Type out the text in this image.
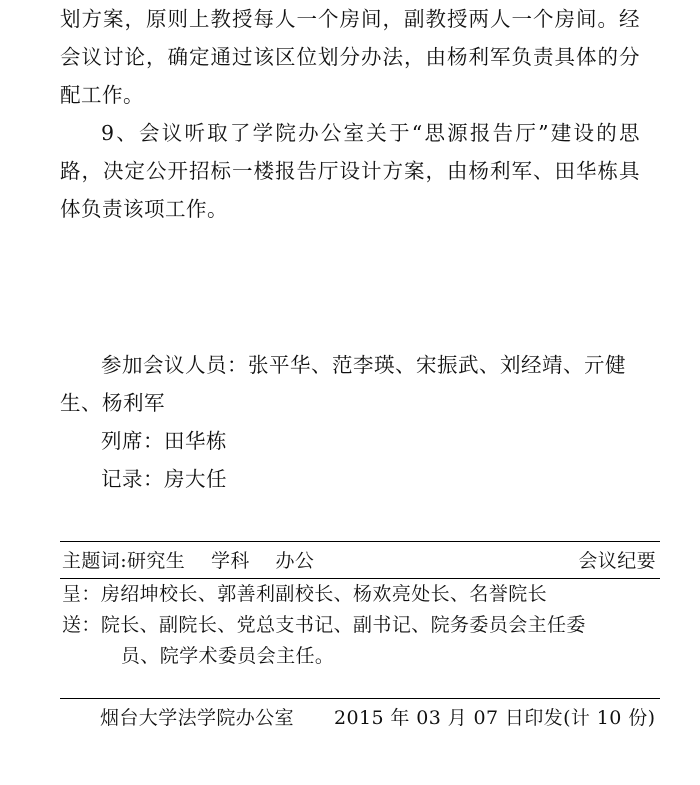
划方案，原则上教授每人一个房间，副教授两人一个房间。经会议讨论，确定通过该区位划分办法，由杨利军负责具体的分配工作。

9、会议听取了学院办公室关于“思源报告厅”建设的思路，决定公开招标一楼报告厅设计方案，由杨利军、田华栋具体负责该项工作。

参加会议人员：张平华、范李瑛、宋振武、刘经靖、亓健

生、杨利军

列席：田华栋

记录：房大任

主题词:研究生    学科    办公	会议纪要
呈：房绍坤校长、郭善利副校长、杨欢亮处长、名誉院长
送：院长、副院长、党总支书记、副书记、院务委员会主任委
员、院学术委员会主任。
烟台大学法学院办公室 2015 年 03 月 07 日印发(计 10 份)
